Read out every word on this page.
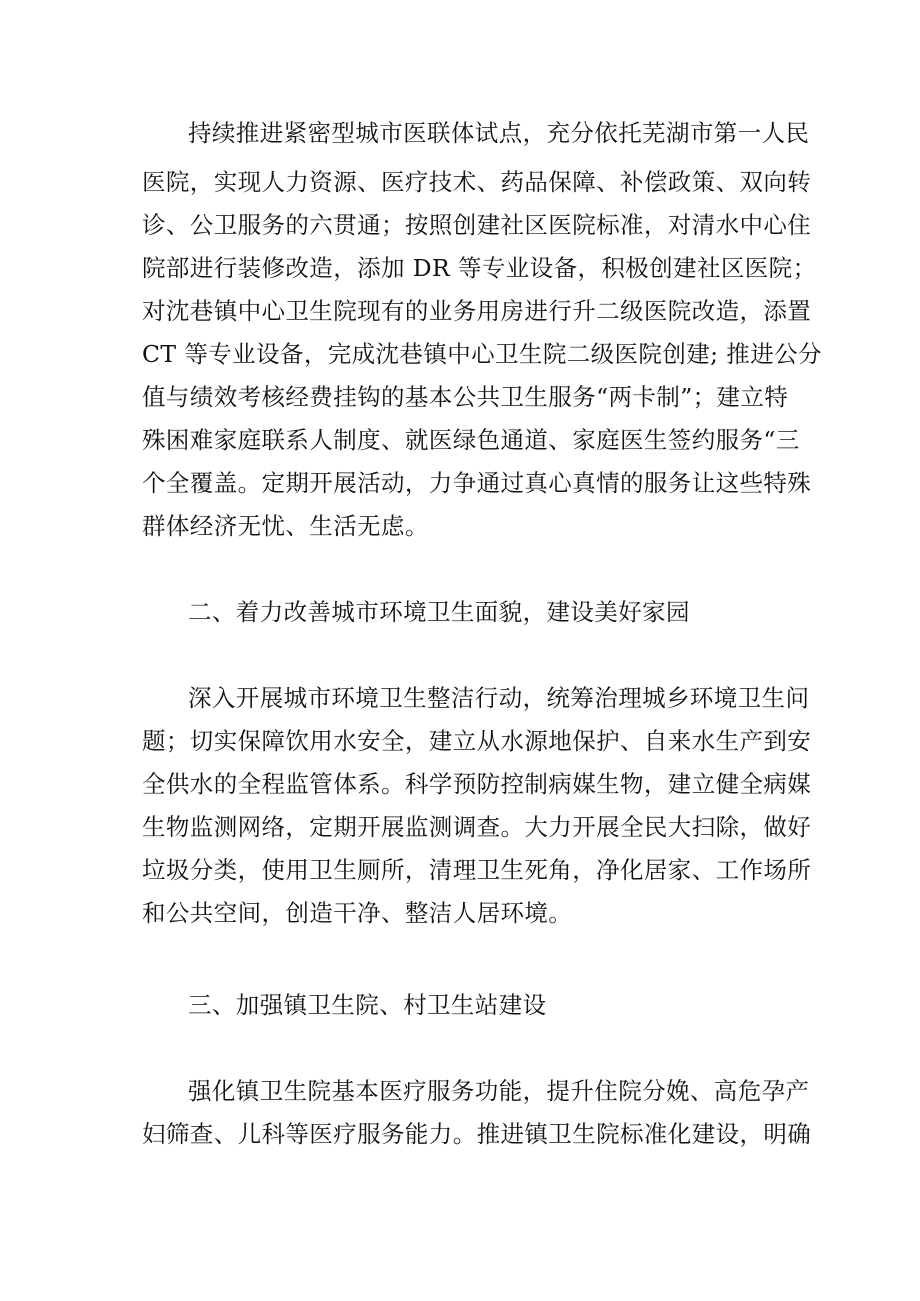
持续推进紧密型城市医联体试点，充分依托芜湖市第一人民
医院，实现人力资源、医疗技术、药品保障、补偿政策、双向转
诊、公卫服务的六贯通；按照创建社区医院标准，对清水中心住
院部进行装修改造，添加 DR 等专业设备，积极创建社区医院；
对沈巷镇中心卫生院现有的业务用房进行升二级医院改造，添置
CT 等专业设备，完成沈巷镇中心卫生院二级医院创建; 推进公分
值与绩效考核经费挂钩的基本公共卫生服务“两卡制”；建立特
殊困难家庭联系人制度、就医绿色通道、家庭医生签约服务“三
个全覆盖。定期开展活动，力争通过真心真情的服务让这些特殊
群体经济无忧、生活无虑。
二、着力改善城市环境卫生面貌，建设美好家园
深入开展城市环境卫生整洁行动，统筹治理城乡环境卫生问
题；切实保障饮用水安全，建立从水源地保护、自来水生产到安
全供水的全程监管体系。科学预防控制病媒生物，建立健全病媒
生物监测网络，定期开展监测调查。大力开展全民大扫除，做好
垃圾分类，使用卫生厕所，清理卫生死角，净化居家、工作场所
和公共空间，创造干净、整洁人居环境。
三、加强镇卫生院、村卫生站建设
强化镇卫生院基本医疗服务功能，提升住院分娩、高危孕产
妇筛查、儿科等医疗服务能力。推进镇卫生院标准化建设，明确
